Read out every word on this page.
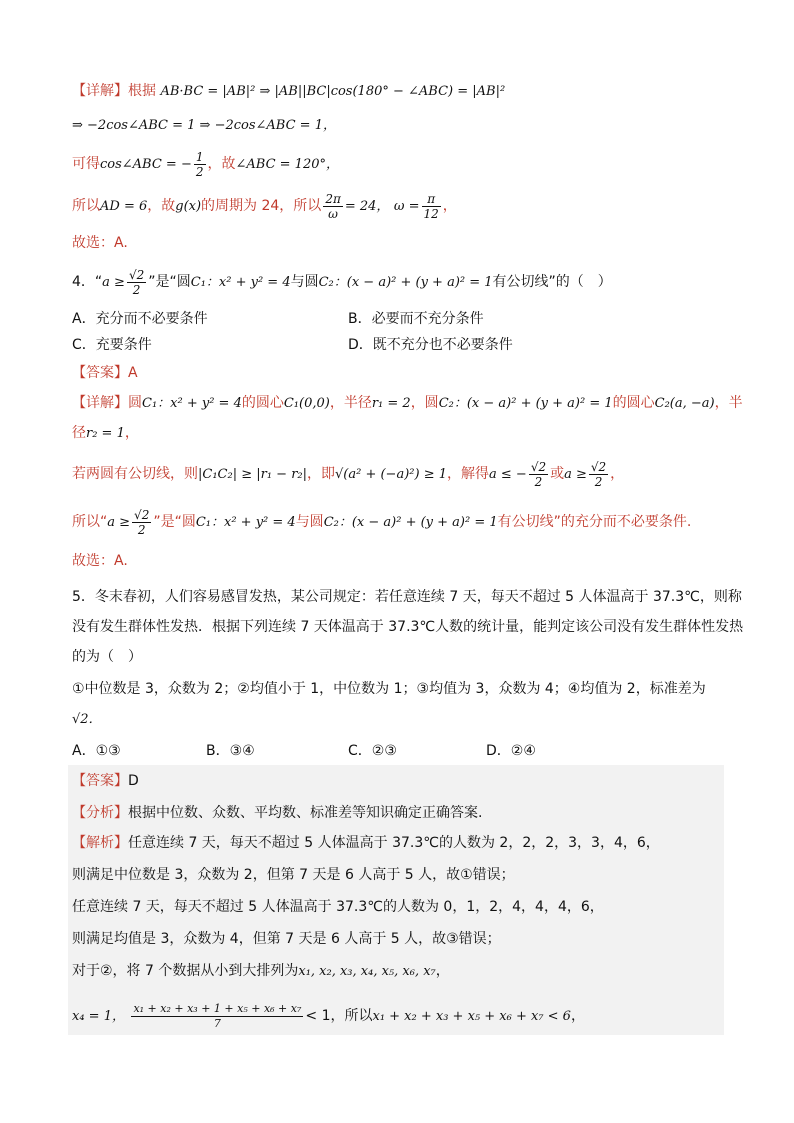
【详解】根据 AB·BC = |AB|² ⇒ |AB||BC|cos(180° − ∠ABC) = |AB|²
⇒ −2cos∠ABC = 1 ⇒ −2cos∠ABC = 1，
可得cos∠ABC = − $\frac{1}{2}$ ，故∠ABC = 120°，
所以AD = 6，故g(x)的周期为 24，所以 $\frac{2\pi}{\omega} = 24$， $\omega = \frac{\pi}{12}$ ，
故选：A.
4．“$a \ge \frac{√2}{2}$ ”是“圆C₁：x² + y² = 4与圆C₂：(x − a)² + (y + a)² = 1有公切线”的（　）
A．充分而不必要条件	B．必要而不充分条件
C．充要条件	D．既不充分也不必要条件
【答案】A
【详解】圆C₁：x² + y² = 4的圆心C₁(0,0)，半径r₁ = 2，圆C₂：(x − a)² + (y + a)² = 1的圆心C₂(a, −a)，半
径r₂ = 1，
若两圆有公切线，则|C₁C₂| ≥ |r₁ − r₂|，即√(a² + (−a)²) ≥ 1，解得a ≤ − $\frac{√2}{2}$ 或$a \ge \frac{√2}{2}$ ，
所以“$a \ge \frac{√2}{2}$ ”是“圆C₁：x² + y² = 4与圆C₂：(x − a)² + (y + a)² = 1有公切线”的充分而不必要条件.
故选：A.
5．冬末春初，人们容易感冒发热，某公司规定：若任意连续 7 天，每天不超过 5 人体温高于 37.3℃，则称
没有发生群体性发热．根据下列连续 7 天体温高于 37.3℃人数的统计量，能判定该公司没有发生群体性发热
的为（　）
①中位数是 3，众数为 2；②均值小于 1，中位数为 1；③均值为 3，众数为 4；④均值为 2，标准差为
√2．
A．①③	B．③④	C．②③	D．②④
【答案】D
【分析】根据中位数、众数、平均数、标准差等知识确定正确答案.
【解析】任意连续 7 天，每天不超过 5 人体温高于 37.3℃的人数为 2，2，2，3，3，4，6，
则满足中位数是 3，众数为 2，但第 7 天是 6 人高于 5 人，故①错误；
任意连续 7 天，每天不超过 5 人体温高于 37.3℃的人数为 0，1，2，4，4，4，6，
则满足均值是 3，众数为 4，但第 7 天是 6 人高于 5 人，故③错误；
对于②，将 7 个数据从小到大排列为x₁, x₂, x₃, x₄, x₅, x₆, x₇，
x₄ = 1， $\frac{\text{x₁ + x₂ + x₃ + 1 + x₅ + x₆ + x₇}}{7} < 1$，所以x₁ + x₂ + x₃ + x₅ + x₆ + x₇ < 6，
